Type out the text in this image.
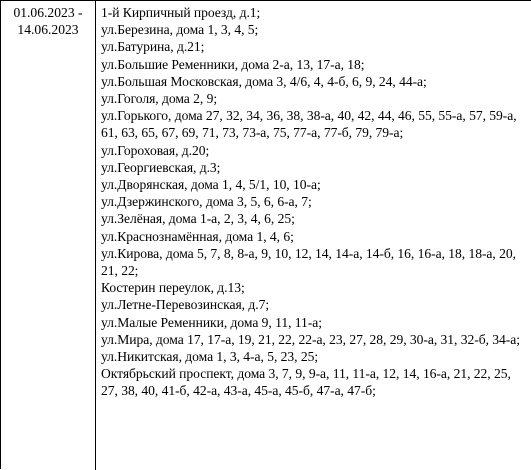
01.06.2023 -
14.06.2023
1-й Кирпичный проезд, д.1;
ул.Березина, дома 1, 3, 4, 5;
ул.Батурина, д.21;
ул.Большие Ременники, дома 2-а, 13, 17-а, 18;
ул.Большая Московская, дома 3, 4/6, 4, 4-б, 6, 9, 24, 44-а;
ул.Гоголя, дома 2, 9;
ул.Горького, дома 27, 32, 34, 36, 38, 38-а, 40, 42, 44, 46, 55, 55-а, 57, 59-а, 61, 63, 65, 67, 69, 71, 73, 73-а, 75, 77-а, 77-б, 79, 79-а;
ул.Гороховая, д.20;
ул.Георгиевская, д.3;
ул.Дворянская, дома 1, 4, 5/1, 10, 10-а;
ул.Дзержинского, дома 3, 5, 6, 6-а, 7;
ул.Зелёная, дома 1-а, 2, 3, 4, 6, 25;
ул.Краснознамённая, дома 1, 4, 6;
ул.Кирова, дома 5, 7, 8, 8-а, 9, 10, 12, 14, 14-а, 14-б, 16, 16-а, 18, 18-а, 20, 21, 22;
Костерин переулок, д.13;
ул.Летне-Перевозинская, д.7;
ул.Малые Ременники, дома 9, 11, 11-а;
ул.Мира, дома 17, 17-а, 19, 21, 22, 22-а, 23, 27, 28, 29, 30-а, 31, 32-б, 34-а;
ул.Никитская, дома 1, 3, 4-а, 5, 23, 25;
Октябрьский проспект, дома 3, 7, 9, 9-а, 11, 11-а, 12, 14, 16-а, 21, 22, 25, 27, 38, 40, 41-б, 42-а, 43-а, 45-а, 45-б, 47-а, 47-б;
